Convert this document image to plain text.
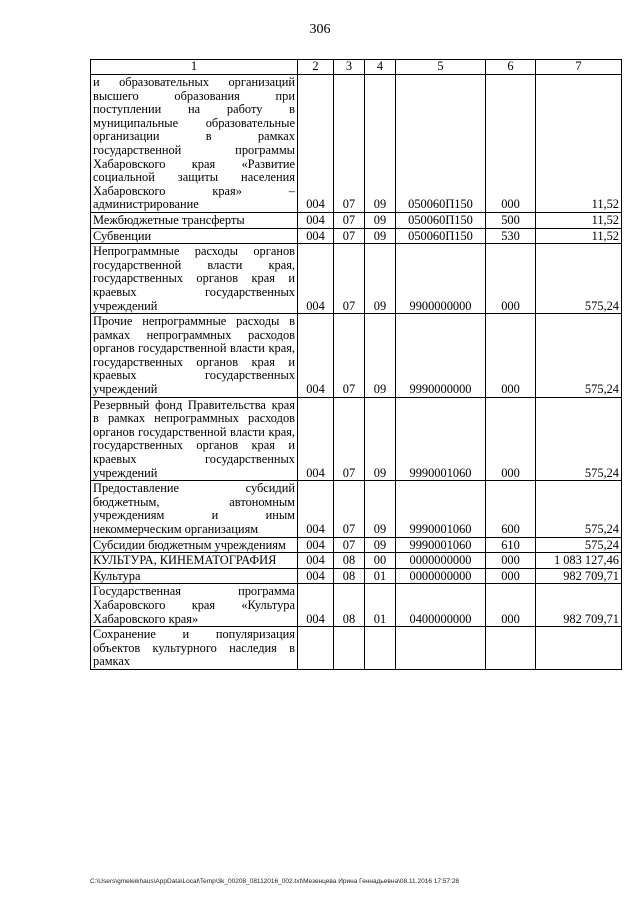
306
1	2	3	4	5	6	7
и образовательных организаций высшего образования при поступлении на работу в муниципальные образовательные организации в рамках государственной программы Хабаровского края «Развитие социальной защиты населения Хабаровского края» – администрирование	004	07	09	050060П150	000	11,52
Межбюджетные трансферты	004	07	09	050060П150	500	11,52
Субвенции	004	07	09	050060П150	530	11,52
Непрограммные расходы органов государственной власти края, государственных органов края и краевых государственных учреждений	004	07	09	9900000000	000	575,24
Прочие непрограммные расходы в рамках непрограммных расходов органов государственной власти края, государственных органов края и краевых государственных учреждений	004	07	09	9990000000	000	575,24
Резервный фонд Правительства края в рамках непрограммных расходов органов государственной власти края, государственных органов края и краевых государственных учреждений	004	07	09	9990001060	000	575,24
Предоставление субсидий бюджетным, автономным учреждениям и иным некоммерческим организациям	004	07	09	9990001060	600	575,24
Субсидии бюджетным учреждениям	004	07	09	9990001060	610	575,24
КУЛЬТУРА, КИНЕМАТОГРАФИЯ	004	08	00	0000000000	000	1 083 127,46
Культура	004	08	01	0000000000	000	982 709,71
Государственная программа Хабаровского края «Культура Хабаровского края»	004	08	01	0400000000	000	982 709,71
Сохранение и популяризация объектов культурного наследия в рамках						
C:\Users\gmeleikhaus\AppData\Local\Temp\3k_00208_08112016_002.txt\Мезенцева Ирина Геннадьевна\08.11.2016 17:57:28
